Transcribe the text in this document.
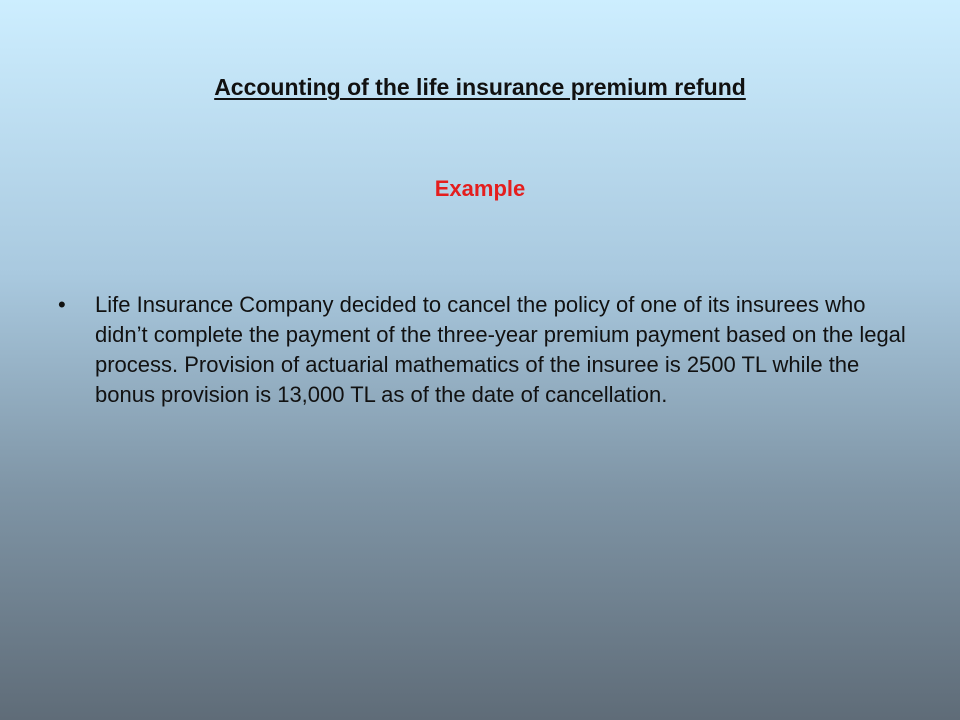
Accounting of the life insurance premium refund
Example
• Life Insurance Company decided to cancel the policy of one of its insurees who didn’t complete the payment of the three-year premium payment based on the legal process. Provision of actuarial mathematics of the insuree is 2500 TL while the bonus provision is 13,000 TL as of the date of cancellation.
